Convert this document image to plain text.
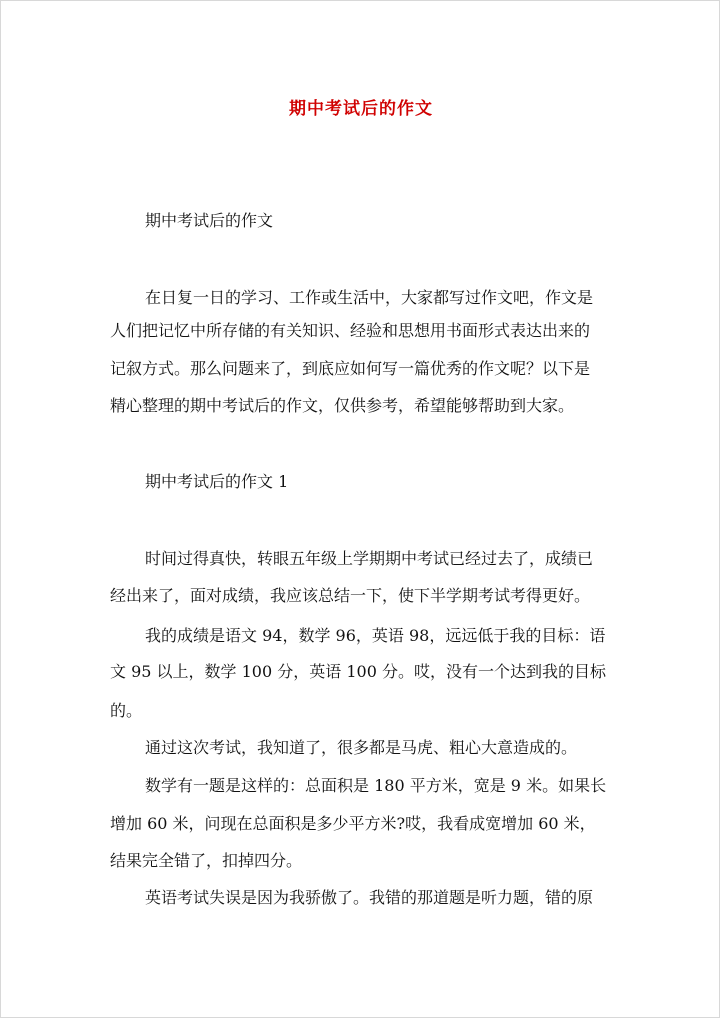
期中考试后的作文
期中考试后的作文
在日复一日的学习、工作或生活中，大家都写过作文吧，作文是
人们把记忆中所存储的有关知识、经验和思想用书面形式表达出来的
记叙方式。那么问题来了，到底应如何写一篇优秀的作文呢？以下是
精心整理的期中考试后的作文，仅供参考，希望能够帮助到大家。
期中考试后的作文 1
时间过得真快，转眼五年级上学期期中考试已经过去了，成绩已
经出来了，面对成绩，我应该总结一下，使下半学期考试考得更好。
我的成绩是语文 94，数学 96，英语 98，远远低于我的目标：语
文 95 以上，数学 100 分，英语 100 分。哎，没有一个达到我的目标
的。
通过这次考试，我知道了，很多都是马虎、粗心大意造成的。
数学有一题是这样的：总面积是 180 平方米，宽是 9 米。如果长
增加 60 米，问现在总面积是多少平方米?哎，我看成宽增加 60 米，
结果完全错了，扣掉四分。
英语考试失误是因为我骄傲了。我错的那道题是听力题，错的原
